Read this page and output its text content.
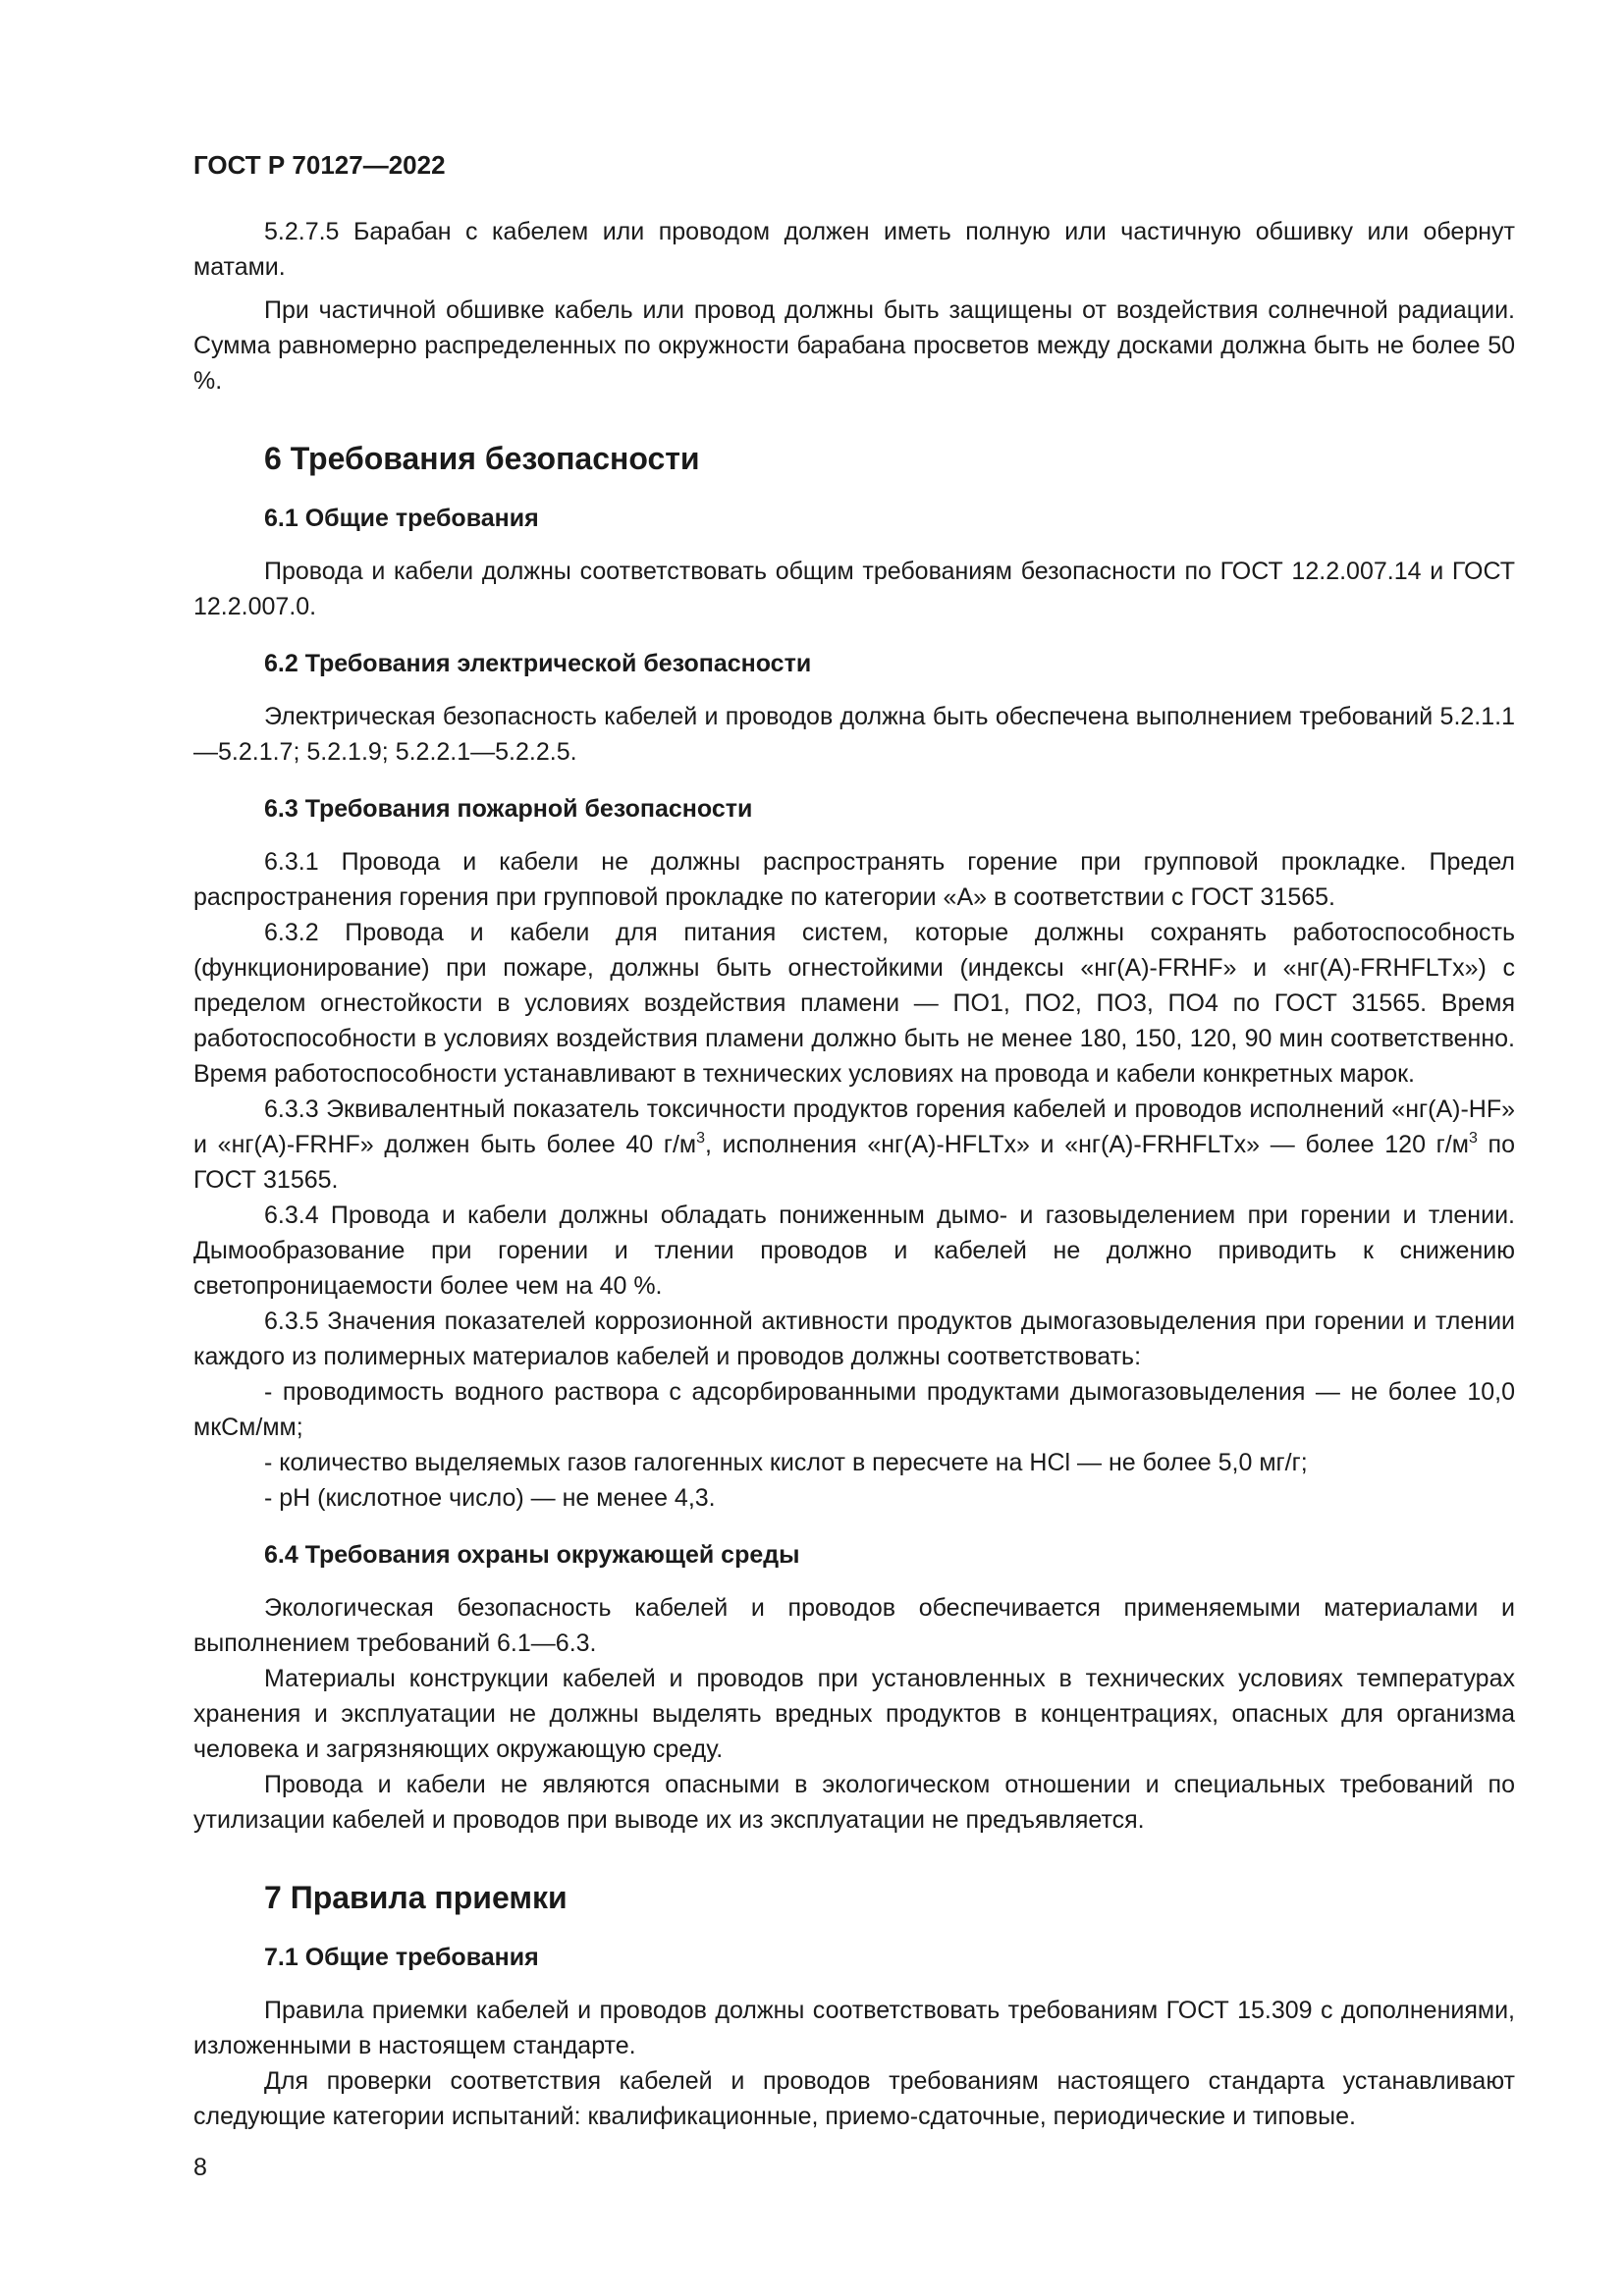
ГОСТ Р 70127—2022

5.2.7.5 Барабан с кабелем или проводом должен иметь полную или частичную обшивку или обернут матами.

При частичной обшивке кабель или провод должны быть защищены от воздействия солнечной радиации. Сумма равномерно распределенных по окружности барабана просветов между досками должна быть не более 50 %.

6 Требования безопасности
6.1 Общие требования

Провода и кабели должны соответствовать общим требованиям безопасности по ГОСТ 12.2.007.14 и ГОСТ 12.2.007.0.

6.2 Требования электрической безопасности

Электрическая безопасность кабелей и проводов должна быть обеспечена выполнением требований 5.2.1.1—5.2.1.7; 5.2.1.9; 5.2.2.1—5.2.2.5.

6.3 Требования пожарной безопасности

6.3.1 Провода и кабели не должны распространять горение при групповой прокладке. Предел распространения горения при групповой прокладке по категории «А» в соответствии с ГОСТ 31565.

6.3.2 Провода и кабели для питания систем, которые должны сохранять работоспособность (функционирование) при пожаре, должны быть огнестойкими (индексы «нг(А)-FRHF» и «нг(А)-FRHFLTx») с пределом огнестойкости в условиях воздействия пламени — ПО1, ПО2, ПО3, ПО4 по ГОСТ 31565. Время работоспособности в условиях воздействия пламени должно быть не менее 180, 150, 120, 90 мин соответственно. Время работоспособности устанавливают в технических условиях на провода и кабели конкретных марок.

6.3.3 Эквивалентный показатель токсичности продуктов горения кабелей и проводов исполнений «нг(А)-HF» и «нг(А)-FRHF» должен быть более 40 $г/м^3$, исполнения «нг(А)-HFLTx» и «нг(А)-FRHFLTx» — более 120 $г/м^3$ по ГОСТ 31565.

6.3.4 Провода и кабели должны обладать пониженным дымо- и газовыделением при горении и тлении. Дымообразование при горении и тлении проводов и кабелей не должно приводить к снижению светопроницаемости более чем на 40 %.

6.3.5 Значения показателей коррозионной активности продуктов дымогазовыделения при горении и тлении каждого из полимерных материалов кабелей и проводов должны соответствовать:

- проводимость водного раствора с адсорбированными продуктами дымогазовыделения — не более 10,0 мкСм/мм;

- количество выделяемых газов галогенных кислот в пересчете на HCl — не более 5,0 мг/г;

- pH (кислотное число) — не менее 4,3.

6.4 Требования охраны окружающей среды

Экологическая безопасность кабелей и проводов обеспечивается применяемыми материалами и выполнением требований 6.1—6.3.

Материалы конструкции кабелей и проводов при установленных в технических условиях температурах хранения и эксплуатации не должны выделять вредных продуктов в концентрациях, опасных для организма человека и загрязняющих окружающую среду.

Провода и кабели не являются опасными в экологическом отношении и специальных требований по утилизации кабелей и проводов при выводе их из эксплуатации не предъявляется.

7 Правила приемки
7.1 Общие требования

Правила приемки кабелей и проводов должны соответствовать требованиям ГОСТ 15.309 с дополнениями, изложенными в настоящем стандарте.

Для проверки соответствия кабелей и проводов требованиям настоящего стандарта устанавливают следующие категории испытаний: квалификационные, приемо-сдаточные, периодические и типовые.

8
